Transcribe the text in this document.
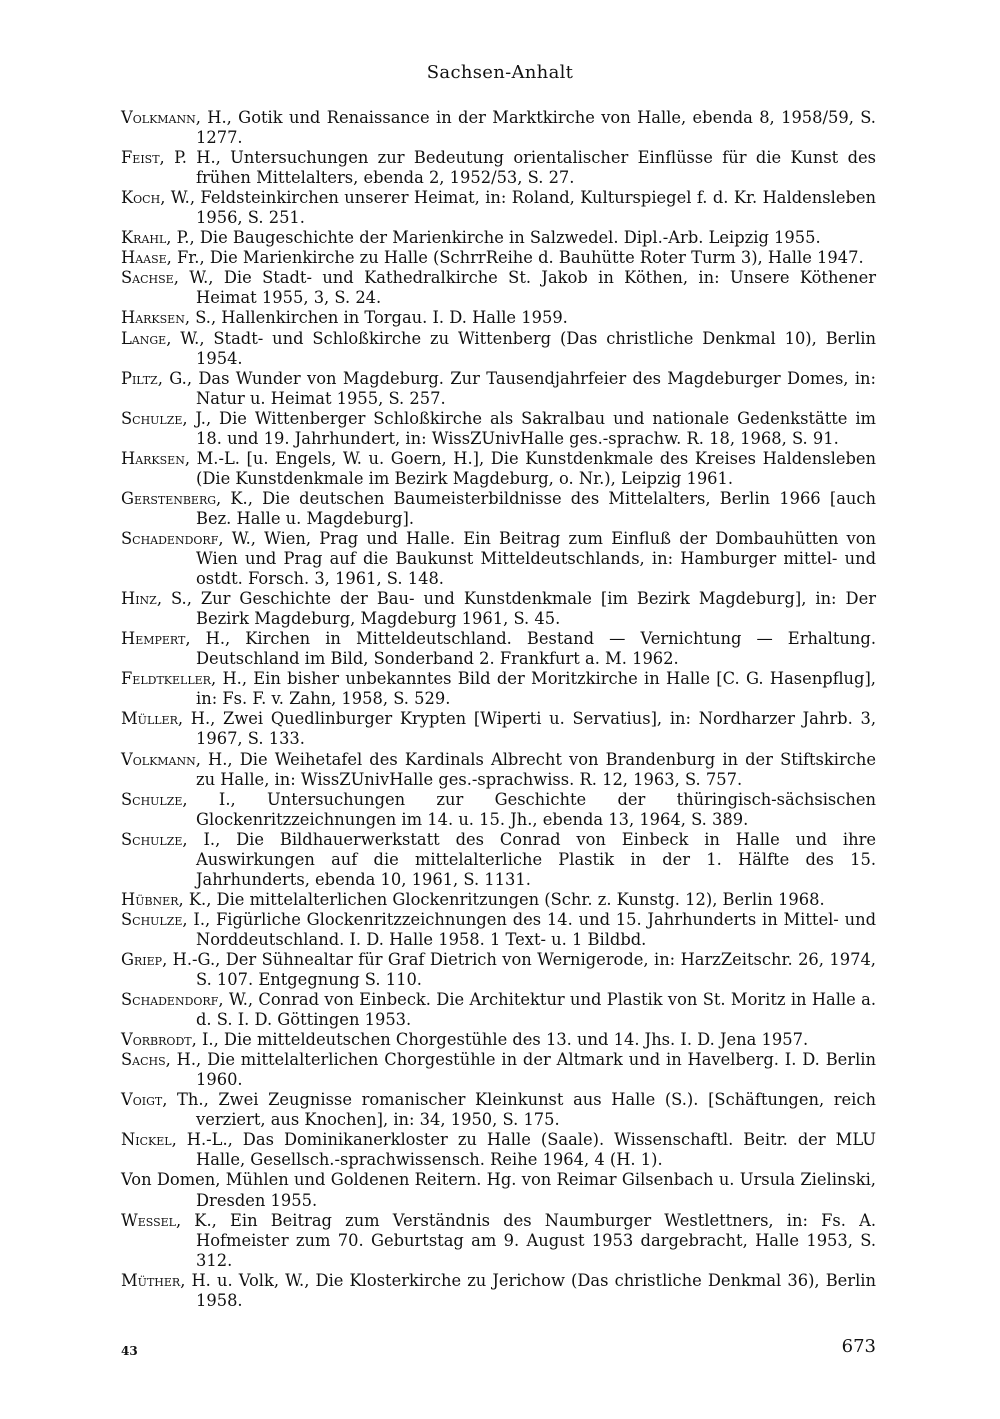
Sachsen-Anhalt

Volkmann, H., Gotik und Renaissance in der Marktkirche von Halle, ebenda 8, 1958/59, S. 1277.

Feist, P. H., Untersuchungen zur Bedeutung orientalischer Einflüsse für die Kunst des frühen Mittelalters, ebenda 2, 1952/53, S. 27.

Koch, W., Feldsteinkirchen unserer Heimat, in: Roland, Kulturspiegel f. d. Kr. Haldensleben 1956, S. 251.

Krahl, P., Die Baugeschichte der Marienkirche in Salzwedel. Dipl.-Arb. Leipzig 1955.

Haase, Fr., Die Marienkirche zu Halle (SchrrReihe d. Bauhütte Roter Turm 3), Halle 1947.

Sachse, W., Die Stadt- und Kathedralkirche St. Jakob in Köthen, in: Unsere Köthener Heimat 1955, 3, S. 24.

Harksen, S., Hallenkirchen in Torgau. I. D. Halle 1959.

Lange, W., Stadt- und Schloßkirche zu Wittenberg (Das christliche Denkmal 10), Berlin 1954.

Piltz, G., Das Wunder von Magdeburg. Zur Tausendjahrfeier des Magdeburger Domes, in: Natur u. Heimat 1955, S. 257.

Schulze, J., Die Wittenberger Schloßkirche als Sakralbau und nationale Gedenkstätte im 18. und 19. Jahrhundert, in: WissZUnivHalle ges.-sprachw. R. 18, 1968, S. 91.

Harksen, M.-L. [u. Engels, W. u. Goern, H.], Die Kunstdenkmale des Kreises Haldensleben (Die Kunstdenkmale im Bezirk Magdeburg, o. Nr.), Leipzig 1961.

Gerstenberg, K., Die deutschen Baumeisterbildnisse des Mittelalters, Berlin 1966 [auch Bez. Halle u. Magdeburg].

Schadendorf, W., Wien, Prag und Halle. Ein Beitrag zum Einfluß der Dombauhütten von Wien und Prag auf die Baukunst Mitteldeutschlands, in: Hamburger mittel- und ostdt. Forsch. 3, 1961, S. 148.

Hinz, S., Zur Geschichte der Bau- und Kunstdenkmale [im Bezirk Magdeburg], in: Der Bezirk Magdeburg, Magdeburg 1961, S. 45.

Hempert, H., Kirchen in Mitteldeutschland. Bestand — Vernichtung — Erhaltung. Deutschland im Bild, Sonderband 2. Frankfurt a. M. 1962.

Feldtkeller, H., Ein bisher unbekanntes Bild der Moritzkirche in Halle [C. G. Hasenpflug], in: Fs. F. v. Zahn, 1958, S. 529.

Müller, H., Zwei Quedlinburger Krypten [Wiperti u. Servatius], in: Nordharzer Jahrb. 3, 1967, S. 133.

Volkmann, H., Die Weihetafel des Kardinals Albrecht von Brandenburg in der Stiftskirche zu Halle, in: WissZUnivHalle ges.-sprachwiss. R. 12, 1963, S. 757.

Schulze, I., Untersuchungen zur Geschichte der thüringisch-sächsischen Glockenritzzeichnungen im 14. u. 15. Jh., ebenda 13, 1964, S. 389.

Schulze, I., Die Bildhauerwerkstatt des Conrad von Einbeck in Halle und ihre Auswirkungen auf die mittelalterliche Plastik in der 1. Hälfte des 15. Jahrhunderts, ebenda 10, 1961, S. 1131.

Hübner, K., Die mittelalterlichen Glockenritzungen (Schr. z. Kunstg. 12), Berlin 1968.

Schulze, I., Figürliche Glockenritzzeichnungen des 14. und 15. Jahrhunderts in Mittel- und Norddeutschland. I. D. Halle 1958. 1 Text- u. 1 Bildbd.

Griep, H.-G., Der Sühnealtar für Graf Dietrich von Wernigerode, in: HarzZeitschr. 26, 1974, S. 107. Entgegnung S. 110.

Schadendorf, W., Conrad von Einbeck. Die Architektur und Plastik von St. Moritz in Halle a. d. S. I. D. Göttingen 1953.

Vorbrodt, I., Die mitteldeutschen Chorgestühle des 13. und 14. Jhs. I. D. Jena 1957.

Sachs, H., Die mittelalterlichen Chorgestühle in der Altmark und in Havelberg. I. D. Berlin 1960.

Voigt, Th., Zwei Zeugnisse romanischer Kleinkunst aus Halle (S.). [Schäftungen, reich verziert, aus Knochen], in: 34, 1950, S. 175.

Nickel, H.-L., Das Dominikanerkloster zu Halle (Saale). Wissenschaftl. Beitr. der MLU Halle, Gesellsch.-sprachwissensch. Reihe 1964, 4 (H. 1).

Von Domen, Mühlen und Goldenen Reitern. Hg. von Reimar Gilsenbach u. Ursula Zielinski, Dresden 1955.

Wessel, K., Ein Beitrag zum Verständnis des Naumburger Westlettners, in: Fs. A. Hofmeister zum 70. Geburtstag am 9. August 1953 dargebracht, Halle 1953, S. 312.

Müther, H. u. Volk, W., Die Klosterkirche zu Jerichow (Das christliche Denkmal 36), Berlin 1958.

43	673
